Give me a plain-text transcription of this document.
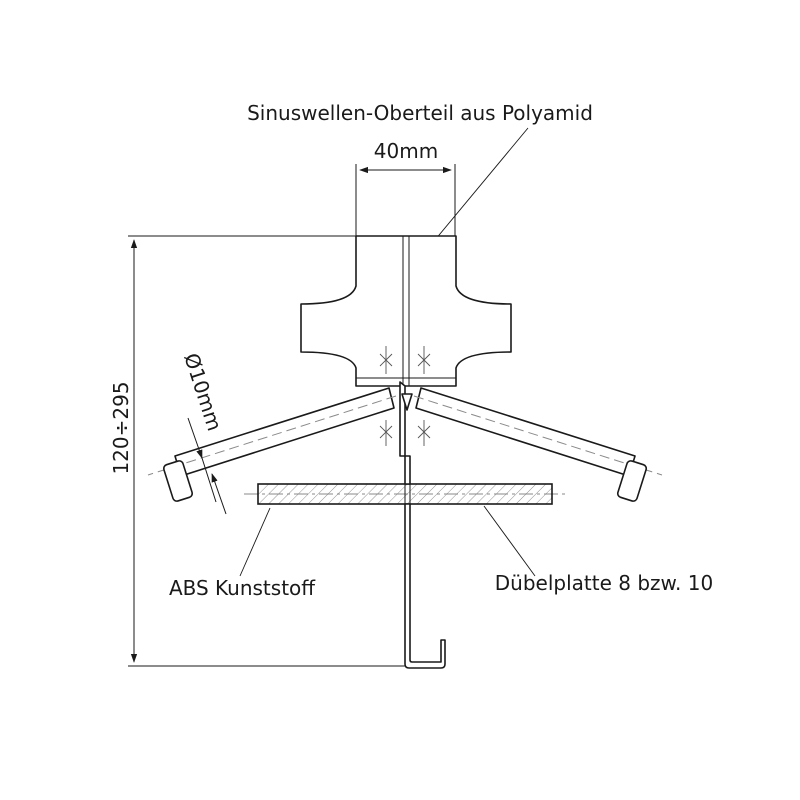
120÷295
40mm
Sinuswellen-Oberteil aus Polyamid
Ø10mm
ABS Kunststoff	Dübelplatte 8 bzw. 10
